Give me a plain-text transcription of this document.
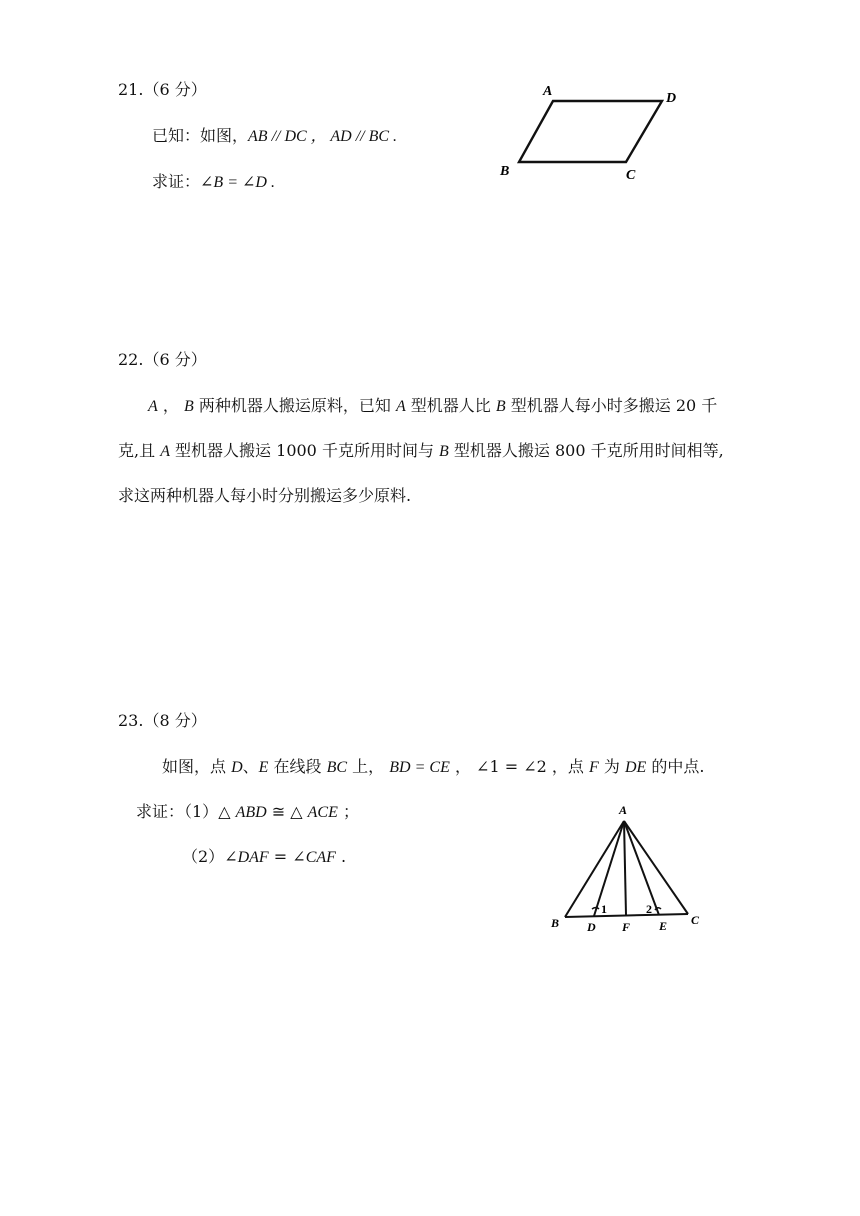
21.（6 分）
已知：如图，AB // DC ， AD // BC .
求证：∠B = ∠D .
A	D
B	C
22.（6 分）
A ， B 两种机器人搬运原料，已知 A 型机器人比 B 型机器人每小时多搬运 20 千
克,且 A 型机器人搬运 1000 千克所用时间与 B 型机器人搬运 800 千克所用时间相等,
求这两种机器人每小时分别搬运多少原料.
23.（8 分）
如图，点 D、E 在线段 BC 上， BD = CE ， ∠1 = ∠2 ，点 F 为 DE 的中点.
求证：（1）△ ABD ≅ △ ACE ；
（2）∠DAF = ∠CAF .
A
B	C
D F E
1	2
